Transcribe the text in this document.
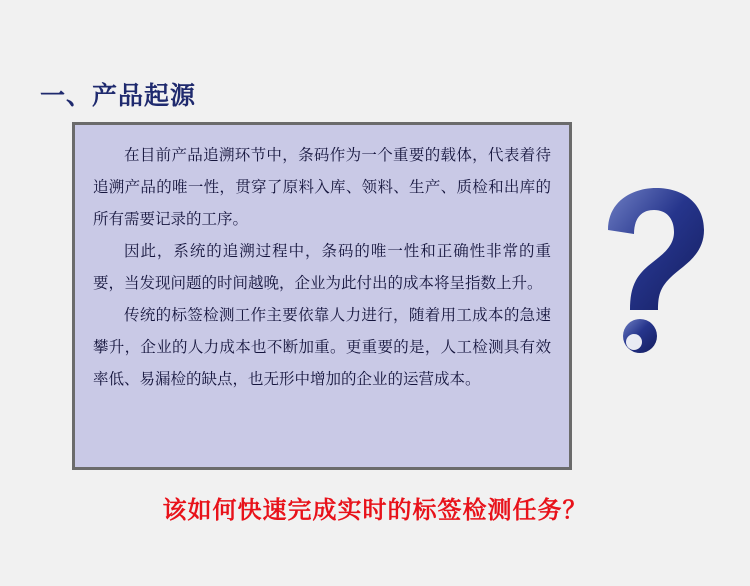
一、产品起源

在目前产品追溯环节中，条码作为一个重要的载体，代表着待追溯产品的唯一性，贯穿了原料入库、领料、生产、质检和出库的所有需要记录的工序。

因此，系统的追溯过程中，条码的唯一性和正确性非常的重要，当发现问题的时间越晚，企业为此付出的成本将呈指数上升。

传统的标签检测工作主要依靠人力进行，随着用工成本的急速攀升，企业的人力成本也不断加重。更重要的是，人工检测具有效率低、易漏检的缺点，也无形中增加的企业的运营成本。

该如何快速完成实时的标签检测任务？
